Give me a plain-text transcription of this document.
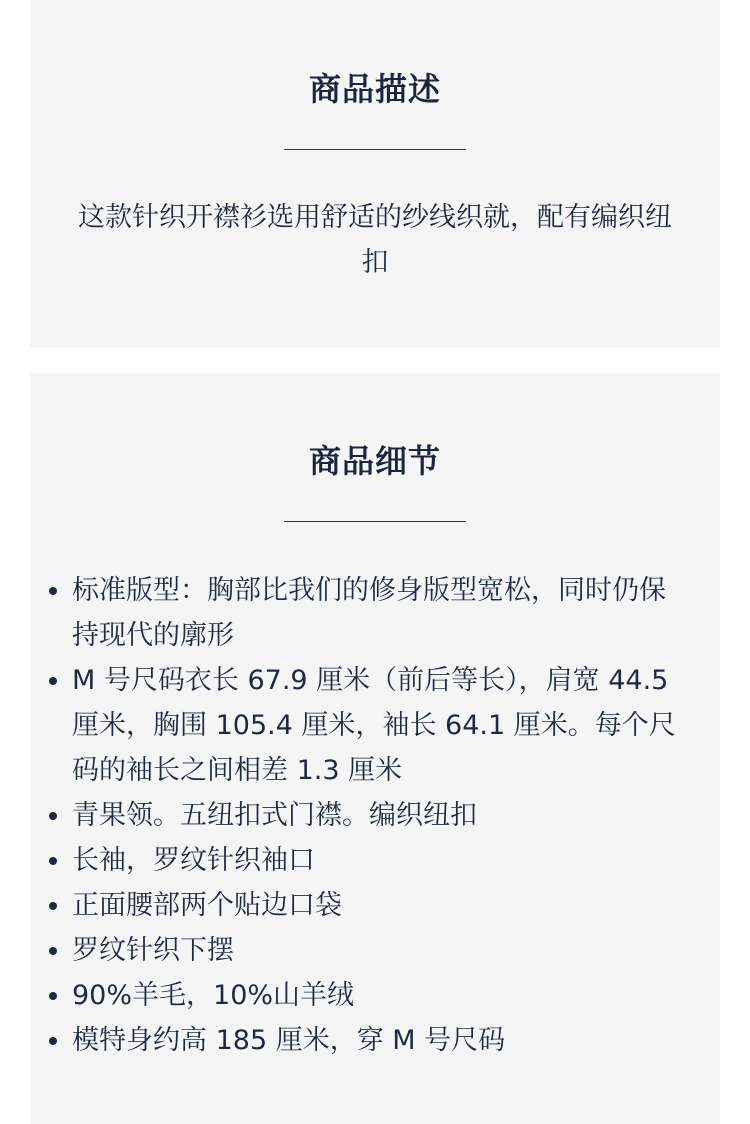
商品描述

这款针织开襟衫选用舒适的纱线织就，配有编织纽扣

商品细节
标准版型：胸部比我们的修身版型宽松，同时仍保持现代的廓形
M 号尺码衣长 67.9 厘米（前后等长），肩宽 44.5 厘米，胸围 105.4 厘米，袖长 64.1 厘米。每个尺码的袖长之间相差 1.3 厘米
青果领。五纽扣式门襟。编织纽扣
长袖，罗纹针织袖口
正面腰部两个贴边口袋
罗纹针织下摆
90%羊毛，10%山羊绒
模特身约高 185 厘米，穿 M 号尺码
